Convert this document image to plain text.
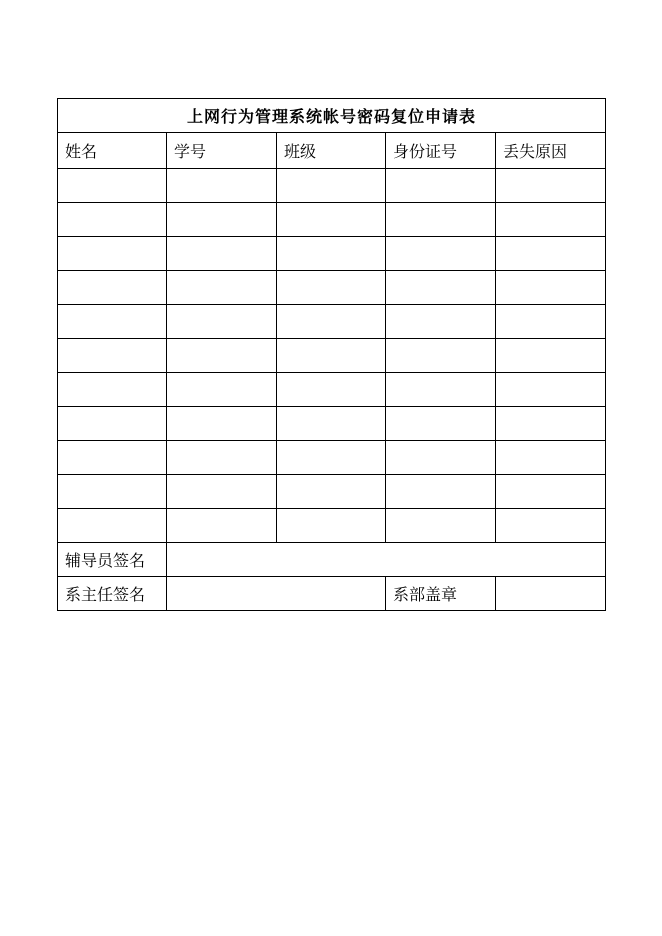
上网行为管理系统帐号密码复位申请表				
姓名	学号	班级	身份证号	丢失原因

辅导员签名				
系主任签名			系部盖章	
